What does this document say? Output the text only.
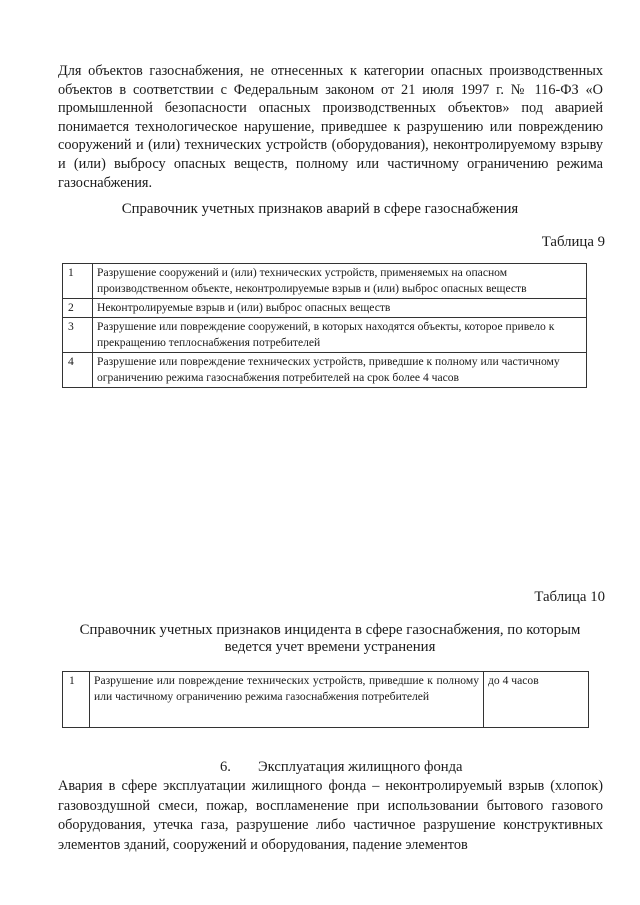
Для объектов газоснабжения, не отнесенных к категории опасных производственных объектов в соответствии с Федеральным законом от 21 июля 1997 г. № 116-ФЗ «О промышленной безопасности опасных производственных объектов» под аварией понимается технологическое нарушение, приведшее к разрушению или повреждению сооружений и (или) технических устройств (оборудования), неконтролируемому взрыву и (или) выбросу опасных веществ, полному или частичному ограничению режима газоснабжения.

Справочник учетных признаков аварий в сфере газоснабжения
Таблица 9
1	Разрушение сооружений и (или) технических устройств, применяемых на опасном производственном объекте, неконтролируемые взрыв и (или) выброс опасных веществ
2	Неконтролируемые взрыв и (или) выброс опасных веществ
3	Разрушение или повреждение сооружений, в которых находятся объекты, которое привело к прекращению теплоснабжения потребителей
4	Разрушение или повреждение технических устройств, приведшие к полному или частичному ограничению режима газоснабжения потребителей на срок более 4 часов
Таблица 10
Справочник учетных признаков инцидента в сфере газоснабжения, по которым
ведется учет времени устранения
1	Разрушение или повреждение технических устройств, приведшие к полному или частичному ограничению режима газоснабжения потребителей	до 4 часов
6. Эксплуатация жилищного фонда

Авария в сфере эксплуатации жилищного фонда – неконтролируемый взрыв (хлопок) газовоздушной смеси, пожар, воспламенение при использовании бытового газового оборудования, утечка газа, разрушение либо частичное разрушение конструктивных элементов зданий, сооружений и оборудования, падение элементов
